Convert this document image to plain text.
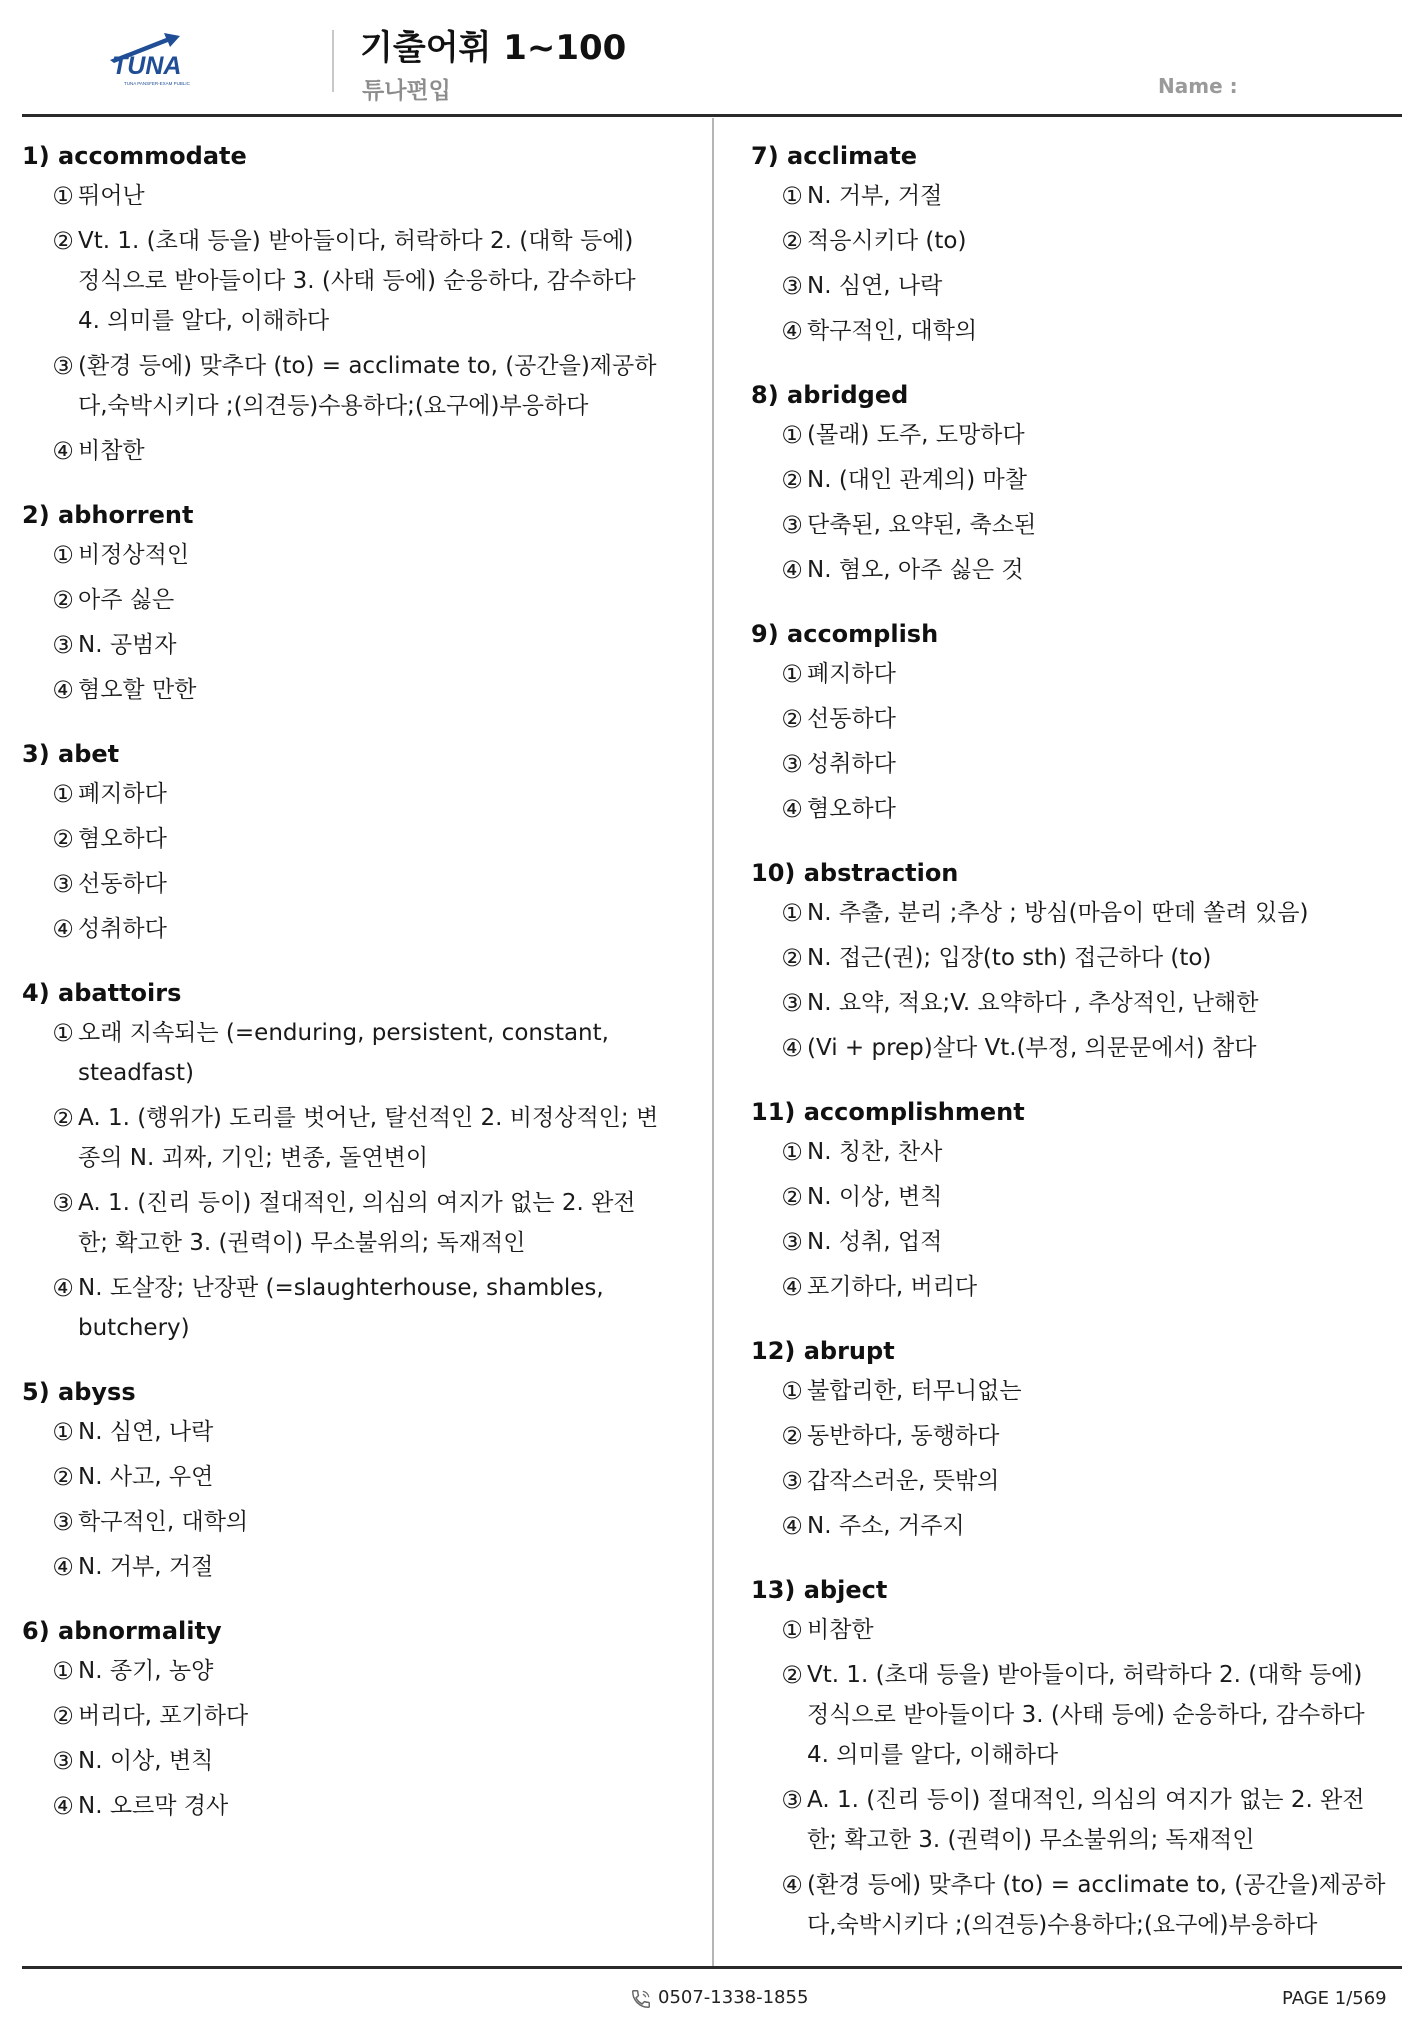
TUNA
TUNA PANSFER-EXAM PUBLIC
기출어휘 1~100
튜나편입	Name :
1) accommodate
① 뛰어난
② Vt. 1. (초대 등을) 받아들이다, 허락하다 2. (대학 등에) 정식으로 받아들이다 3. (사태 등에) 순응하다, 감수하다 4. 의미를 알다, 이해하다
③ (환경 등에) 맞추다 (to) = acclimate to, (공간을)제공하다,숙박시키다 ;(의견등)수용하다;(요구에)부응하다
④ 비참한
2) abhorrent
① 비정상적인
② 아주 싫은
③ N. 공범자
④ 혐오할 만한
3) abet
① 폐지하다
② 혐오하다
③ 선동하다
④ 성취하다
4) abattoirs
① 오래 지속되는 (=enduring, persistent, constant, steadfast)
② A. 1. (행위가) 도리를 벗어난, 탈선적인 2. 비정상적인; 변종의 N. 괴짜, 기인; 변종, 돌연변이
③ A. 1. (진리 등이) 절대적인, 의심의 여지가 없는 2. 완전한; 확고한 3. (권력이) 무소불위의; 독재적인
④ N. 도살장; 난장판 (=slaughterhouse, shambles, butchery)
5) abyss
① N. 심연, 나락
② N. 사고, 우연
③ 학구적인, 대학의
④ N. 거부, 거절
6) abnormality
① N. 종기, 농양
② 버리다, 포기하다
③ N. 이상, 변칙
④ N. 오르막 경사
7) acclimate
① N. 거부, 거절
② 적응시키다 (to)
③ N. 심연, 나락
④ 학구적인, 대학의
8) abridged
① (몰래) 도주, 도망하다
② N. (대인 관계의) 마찰
③ 단축된, 요약된, 축소된
④ N. 혐오, 아주 싫은 것
9) accomplish
① 폐지하다
② 선동하다
③ 성취하다
④ 혐오하다
10) abstraction
① N. 추출, 분리 ;추상 ; 방심(마음이 딴데 쏠려 있음)
② N. 접근(권); 입장(to sth) 접근하다 (to)
③ N. 요약, 적요;V. 요약하다 , 추상적인, 난해한
④ (Vi + prep)살다 Vt.(부정, 의문문에서) 참다
11) accomplishment
① N. 칭찬, 찬사
② N. 이상, 변칙
③ N. 성취, 업적
④ 포기하다, 버리다
12) abrupt
① 불합리한, 터무니없는
② 동반하다, 동행하다
③ 갑작스러운, 뜻밖의
④ N. 주소, 거주지
13) abject
① 비참한
② Vt. 1. (초대 등을) 받아들이다, 허락하다 2. (대학 등에) 정식으로 받아들이다 3. (사태 등에) 순응하다, 감수하다 4. 의미를 알다, 이해하다
③ A. 1. (진리 등이) 절대적인, 의심의 여지가 없는 2. 완전한; 확고한 3. (권력이) 무소불위의; 독재적인
④ (환경 등에) 맞추다 (to) = acclimate to, (공간을)제공하다,숙박시키다 ;(의견등)수용하다;(요구에)부응하다
0507-1338-1855	PAGE 1/569
